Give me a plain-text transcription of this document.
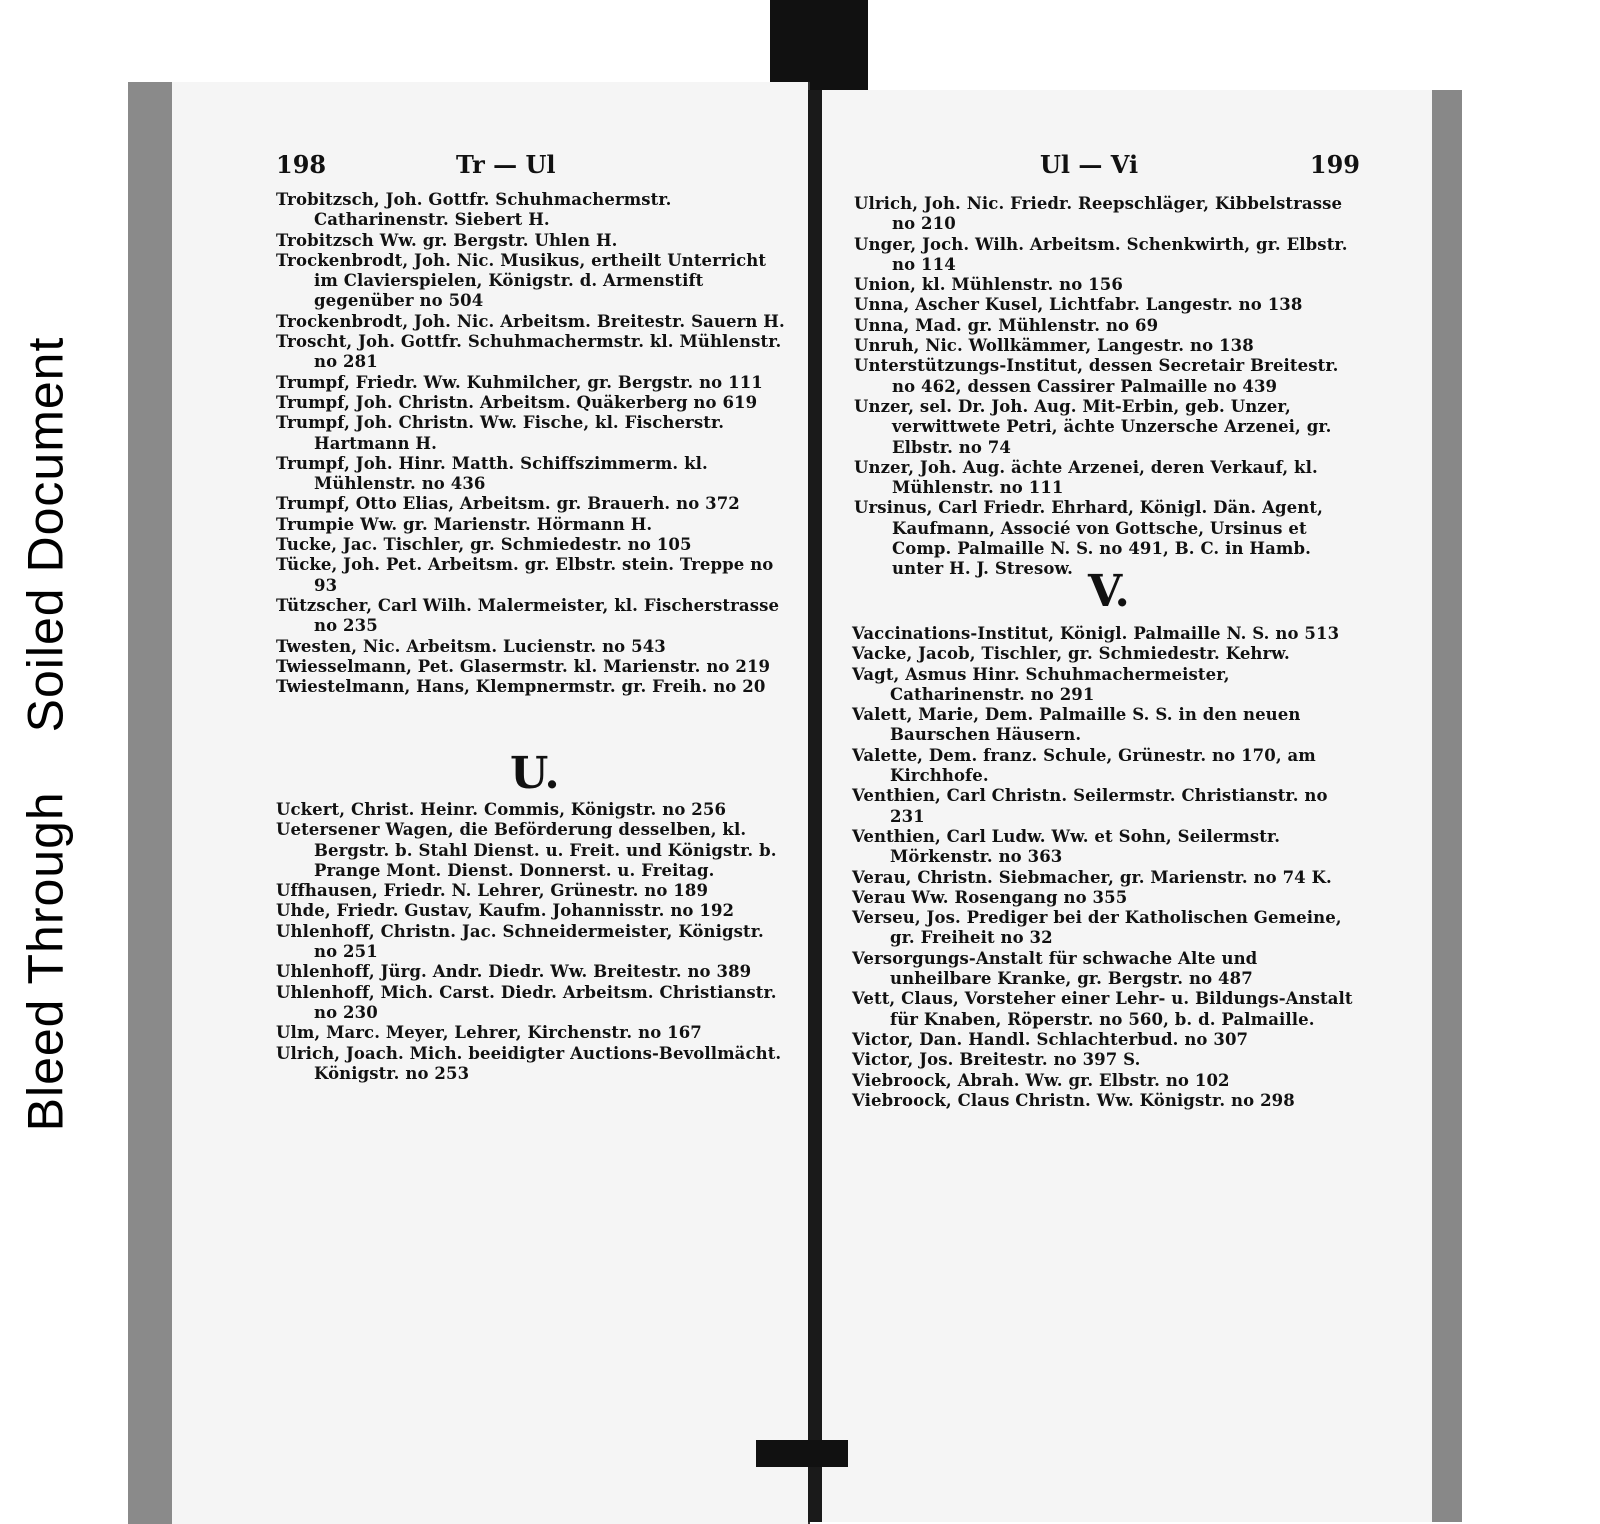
Bleed Through Soiled Document
198	Tr — Ul
Trobitzsch, Joh. Gottfr. Schuhmachermstr. Catharinenstr. Siebert H.
Trobitzsch Ww. gr. Bergstr. Uhlen H.
Trockenbrodt, Joh. Nic. Musikus, ertheilt Unterricht im Clavierspielen, Königstr. d. Armenstift gegenüber no 504
Trockenbrodt, Joh. Nic. Arbeitsm. Breitestr. Sauern H.
Troscht, Joh. Gottfr. Schuhmachermstr. kl. Mühlenstr. no 281
Trumpf, Friedr. Ww. Kuhmilcher, gr. Bergstr. no 111
Trumpf, Joh. Christn. Arbeitsm. Quäkerberg no 619
Trumpf, Joh. Christn. Ww. Fische, kl. Fischerstr. Hartmann H.
Trumpf, Joh. Hinr. Matth. Schiffszimmerm. kl. Mühlenstr. no 436
Trumpf, Otto Elias, Arbeitsm. gr. Brauerh. no 372
Trumpie Ww. gr. Marienstr. Hörmann H.
Tucke, Jac. Tischler, gr. Schmiedestr. no 105
Tücke, Joh. Pet. Arbeitsm. gr. Elbstr. stein. Treppe no 93
Tützscher, Carl Wilh. Malermeister, kl. Fischerstrasse no 235
Twesten, Nic. Arbeitsm. Lucienstr. no 543
Twiesselmann, Pet. Glasermstr. kl. Marienstr. no 219
Twiestelmann, Hans, Klempnermstr. gr. Freih. no 20
U.
Uckert, Christ. Heinr. Commis, Königstr. no 256
Uetersener Wagen, die Beförderung desselben, kl. Bergstr. b. Stahl Dienst. u. Freit. und Königstr. b. Prange Mont. Dienst. Donnerst. u. Freitag.
Uffhausen, Friedr. N. Lehrer, Grünestr. no 189
Uhde, Friedr. Gustav, Kaufm. Johannisstr. no 192
Uhlenhoff, Christn. Jac. Schneidermeister, Königstr. no 251
Uhlenhoff, Jürg. Andr. Diedr. Ww. Breitestr. no 389
Uhlenhoff, Mich. Carst. Diedr. Arbeitsm. Christianstr. no 230
Ulm, Marc. Meyer, Lehrer, Kirchenstr. no 167
Ulrich, Joach. Mich. beeidigter Auctions-Bevollmächt. Königstr. no 253
Ul — Vi	199
Ulrich, Joh. Nic. Friedr. Reepschläger, Kibbelstrasse no 210
Unger, Joch. Wilh. Arbeitsm. Schenkwirth, gr. Elbstr. no 114
Union, kl. Mühlenstr. no 156
Unna, Ascher Kusel, Lichtfabr. Langestr. no 138
Unna, Mad. gr. Mühlenstr. no 69
Unruh, Nic. Wollkämmer, Langestr. no 138
Unterstützungs-Institut, dessen Secretair Breitestr. no 462, dessen Cassirer Palmaille no 439
Unzer, sel. Dr. Joh. Aug. Mit-Erbin, geb. Unzer, verwittwete Petri, ächte Unzersche Arzenei, gr. Elbstr. no 74
Unzer, Joh. Aug. ächte Arzenei, deren Verkauf, kl. Mühlenstr. no 111
Ursinus, Carl Friedr. Ehrhard, Königl. Dän. Agent, Kaufmann, Associé von Gottsche, Ursinus et Comp. Palmaille N. S. no 491, B. C. in Hamb. unter H. J. Stresow. V.
Vaccinations-Institut, Königl. Palmaille N. S. no 513
Vacke, Jacob, Tischler, gr. Schmiedestr. Kehrw.
Vagt, Asmus Hinr. Schuhmachermeister, Catharinenstr. no 291
Valett, Marie, Dem. Palmaille S. S. in den neuen Baurschen Häusern.
Valette, Dem. franz. Schule, Grünestr. no 170, am Kirchhofe.
Venthien, Carl Christn. Seilermstr. Christianstr. no 231
Venthien, Carl Ludw. Ww. et Sohn, Seilermstr. Mörkenstr. no 363
Verau, Christn. Siebmacher, gr. Marienstr. no 74 K.
Verau Ww. Rosengang no 355
Verseu, Jos. Prediger bei der Katholischen Gemeine, gr. Freiheit no 32
Versorgungs-Anstalt für schwache Alte und unheilbare Kranke, gr. Bergstr. no 487
Vett, Claus, Vorsteher einer Lehr- u. Bildungs-Anstalt für Knaben, Röperstr. no 560, b. d. Palmaille.
Victor, Dan. Handl. Schlachterbud. no 307
Victor, Jos. Breitestr. no 397 S.
Viebroock, Abrah. Ww. gr. Elbstr. no 102
Viebroock, Claus Christn. Ww. Königstr. no 298
